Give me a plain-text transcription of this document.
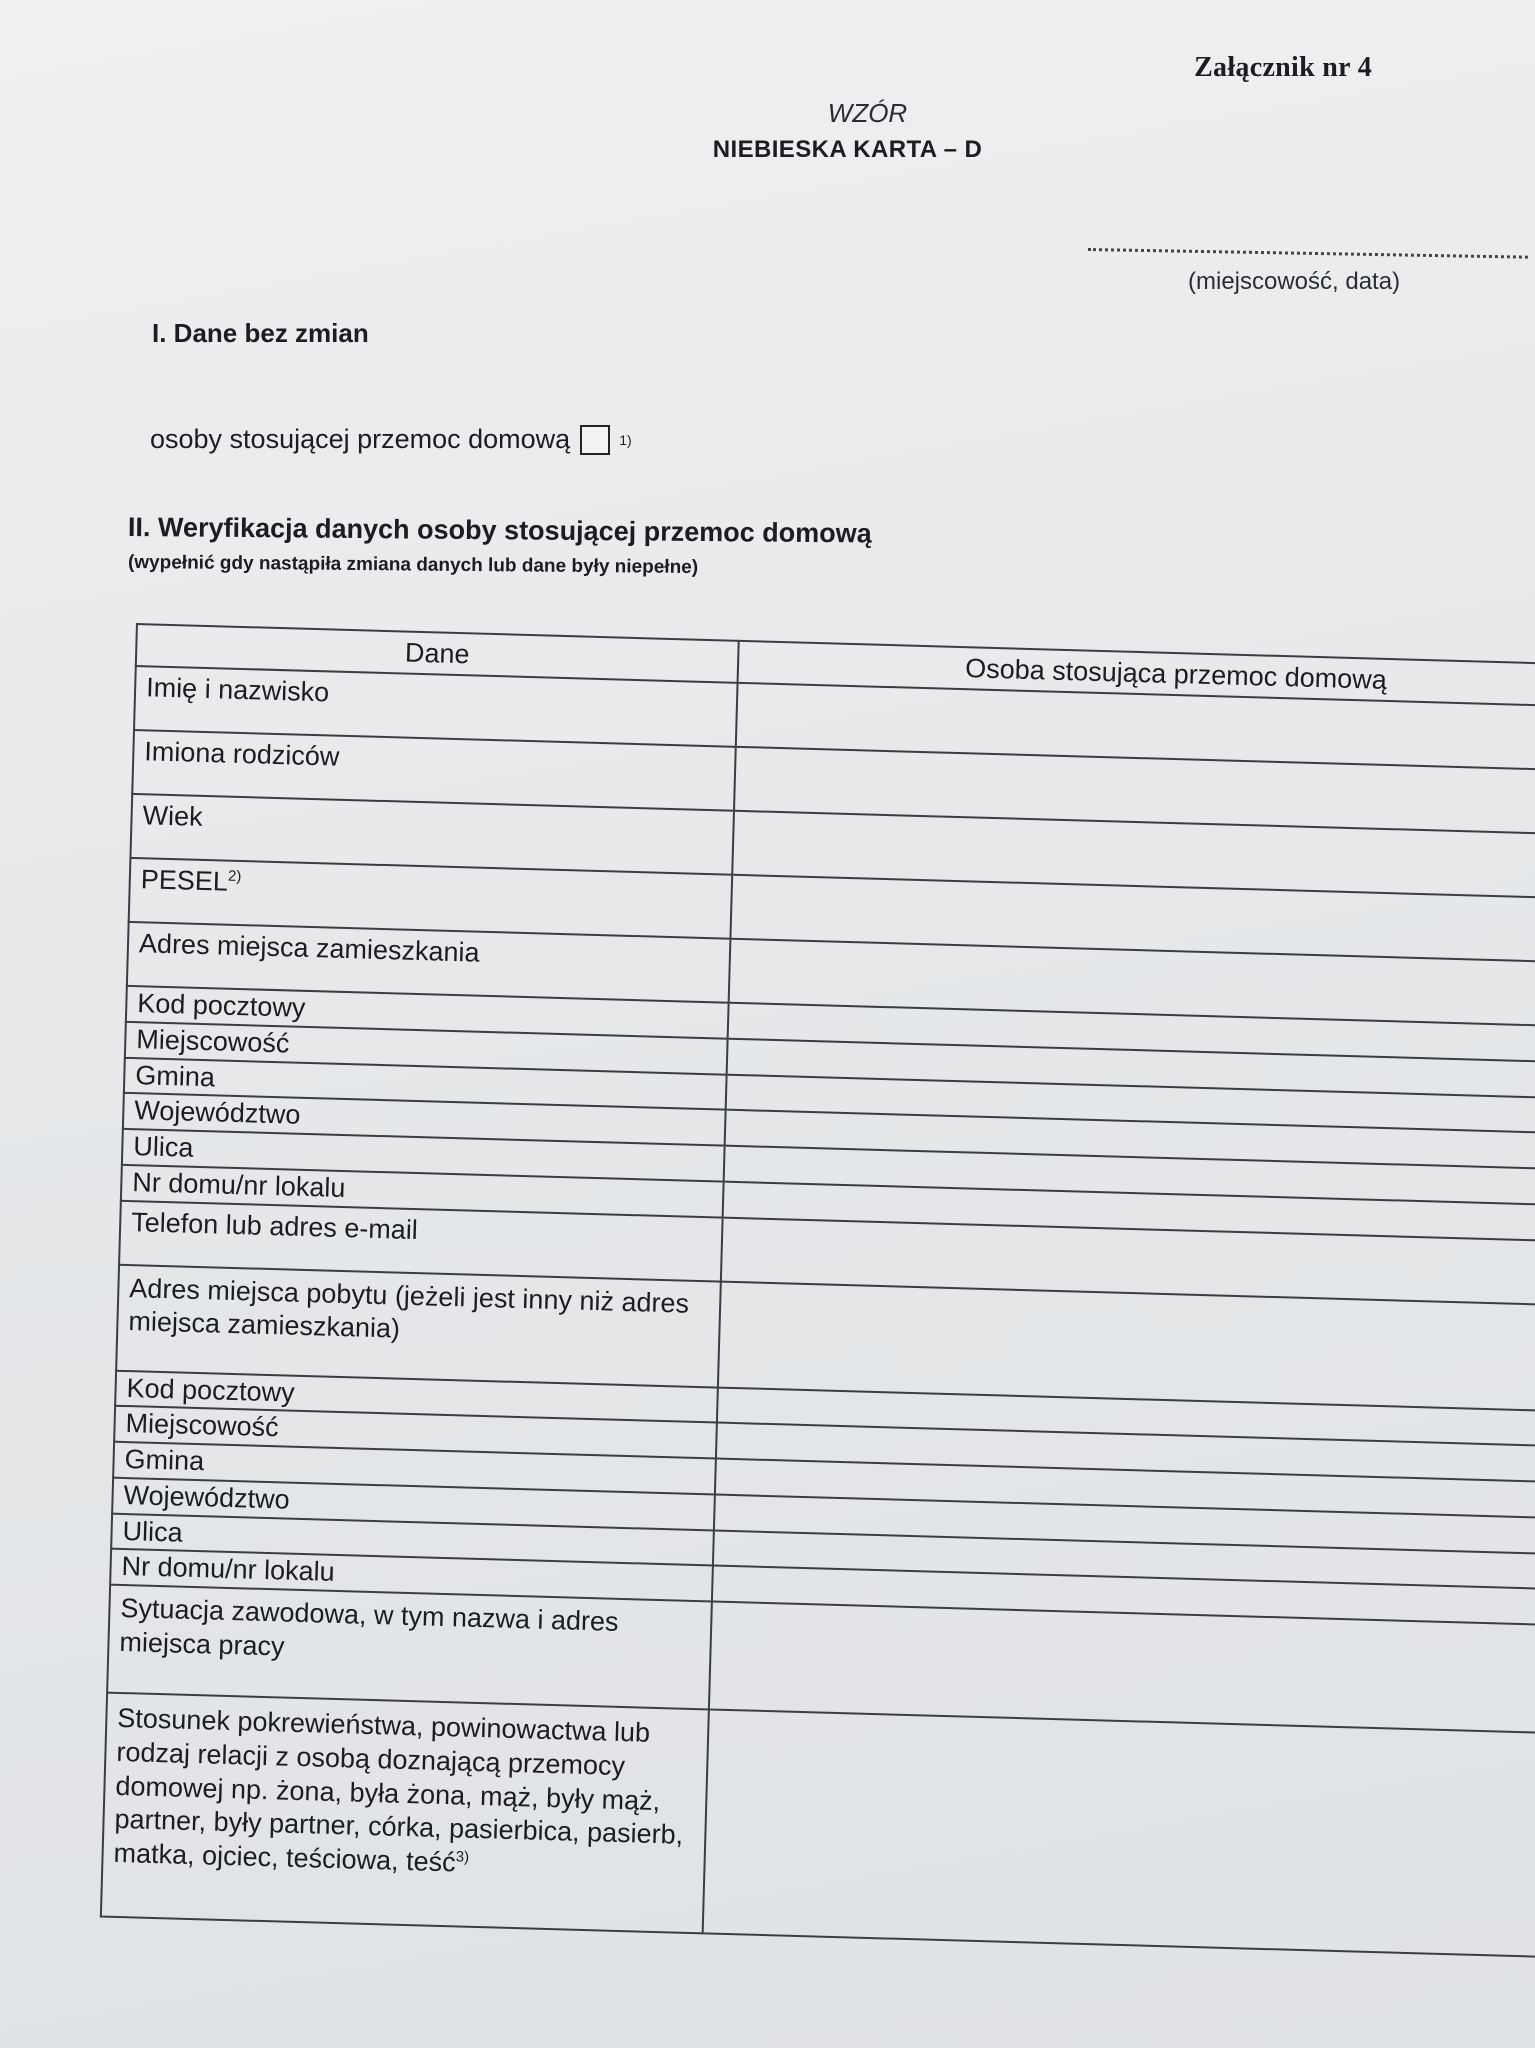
Załącznik nr 4
WZÓR
NIEBIESKA KARTA – D
(miejscowość, data)
I. Dane bez zmian
osoby stosującej przemoc domową	1)
II. Weryfikacja danych osoby stosującej przemoc domową
(wypełnić gdy nastąpiła zmiana danych lub dane były niepełne)
Dane	Osoba stosująca przemoc domową
Imię i nazwisko	
Imiona rodziców	
Wiek	
PESEL$^{2)}$	
Adres miejsca zamieszkania	
Kod pocztowy	
Miejscowość	
Gmina	
Województwo	
Ulica	
Nr domu/nr lokalu	
Telefon lub adres e-mail	
Adres miejsca pobytu (jeżeli jest inny niż adres miejsca zamieszkania)	
Kod pocztowy	
Miejscowość	
Gmina	
Województwo	
Ulica	
Nr domu/nr lokalu	
Sytuacja zawodowa, w tym nazwa i adres miejsca pracy	
Stosunek pokrewieństwa, powinowactwa lub rodzaj relacji z osobą doznającą przemocy domowej np. żona, była żona, mąż, były mąż, partner, były partner, córka, pasierbica, pasierb, matka, ojciec, teściowa, teść$^{3)}$	
